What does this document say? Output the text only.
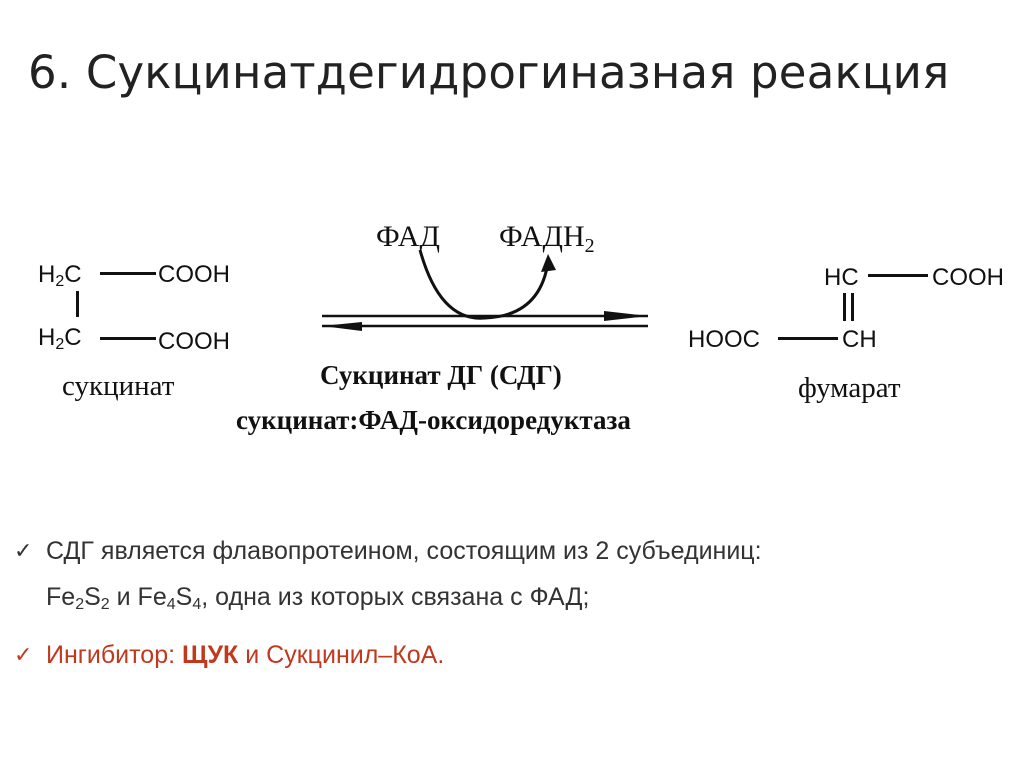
6. Сукцинатдегидрогиназная реакция
ФАД $ФАДН_2$
Сукцинат ДГ (СДГ)
сукцинат:ФАД-оксидоредуктаза
$H_2C$	COOH
$H_2C$	COOH
сукцинат
HC	COOH
HOOC	CH
фумарат
✓ СДГ является флавопротеином, состоящим из 2 субъединиц:
$Fe_2S_2$ и $Fe_4S_4$, одна из которых связана с ФАД;
✓ Ингибитор: ЩУК и Сукцинил–КоА.
